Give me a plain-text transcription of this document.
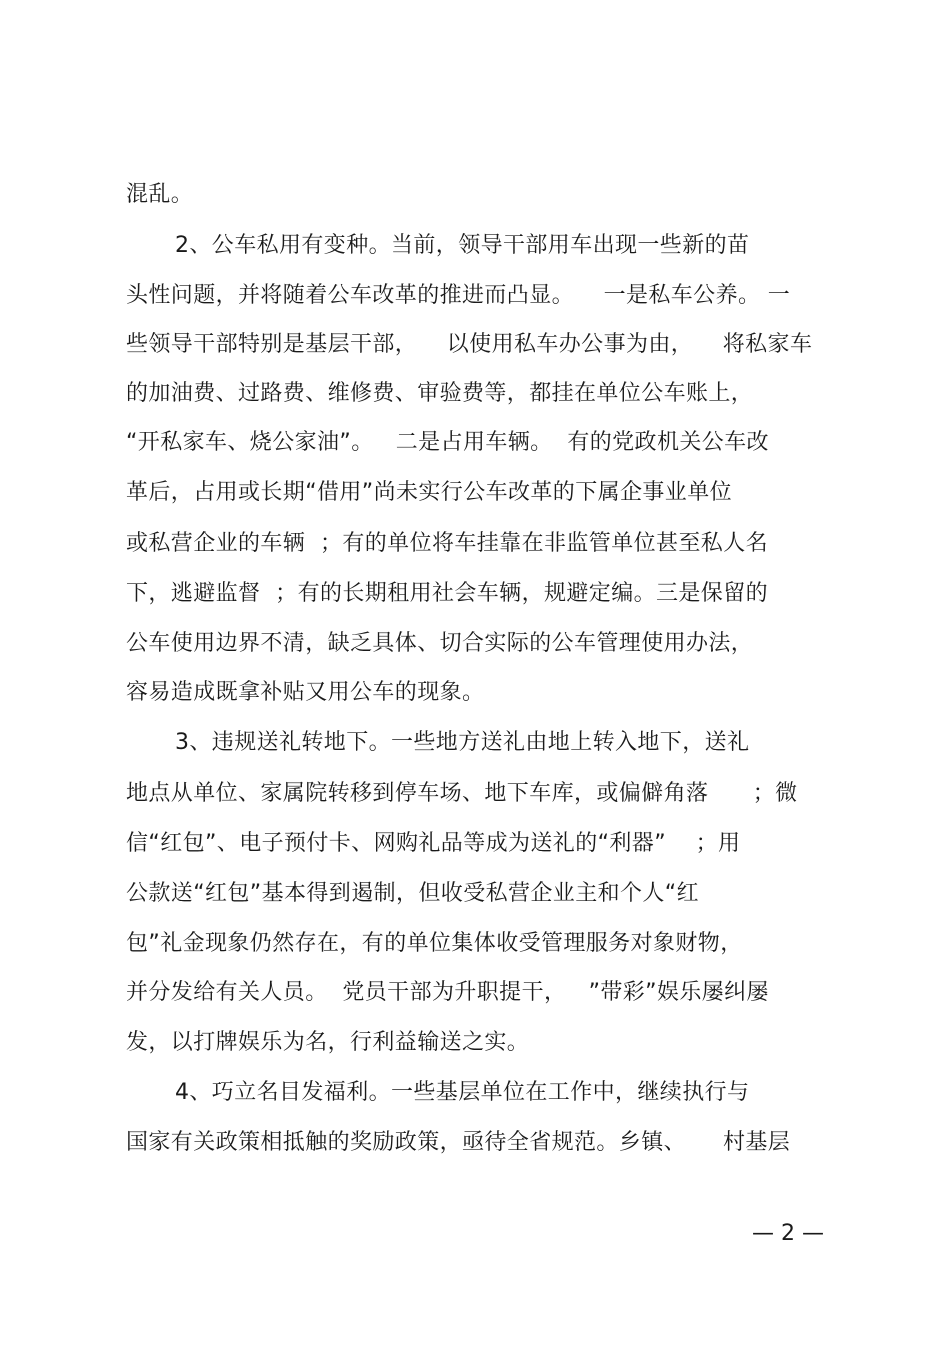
混乱。
2、公车私用有变种。当前，领导干部用车出现一些新的苗
头性问题，并将随着公车改革的推进而凸显。    一是私车公养。 一
些领导干部特别是基层干部，    以使用私车办公事为由，    将私家车
的加油费、过路费、维修费、审验费等，都挂在单位公车账上，
“开私家车、烧公家油”。   二是占用车辆。  有的党政机关公车改
革后，占用或长期“借用”尚未实行公车改革的下属企事业单位
或私营企业的车辆  ；有的单位将车挂靠在非监管单位甚至私人名
下，逃避监督  ；有的长期租用社会车辆，规避定编。三是保留的
公车使用边界不清，缺乏具体、切合实际的公车管理使用办法，
容易造成既拿补贴又用公车的现象。
3、违规送礼转地下。一些地方送礼由地上转入地下，送礼
地点从单位、家属院转移到停车场、地下车库，或偏僻角落      ；微
信“红包”、电子预付卡、网购礼品等成为送礼的“利器”    ；用
公款送“红包”基本得到遏制，但收受私营企业主和个人“红
包”礼金现象仍然存在，有的单位集体收受管理服务对象财物，
并分发给有关人员。  党员干部为升职提干，   ”带彩”娱乐屡纠屡
发，以打牌娱乐为名，行利益输送之实。
4、巧立名目发福利。一些基层单位在工作中，继续执行与
国家有关政策相抵触的奖励政策，亟待全省规范。乡镇、     村基层
— 2 —
